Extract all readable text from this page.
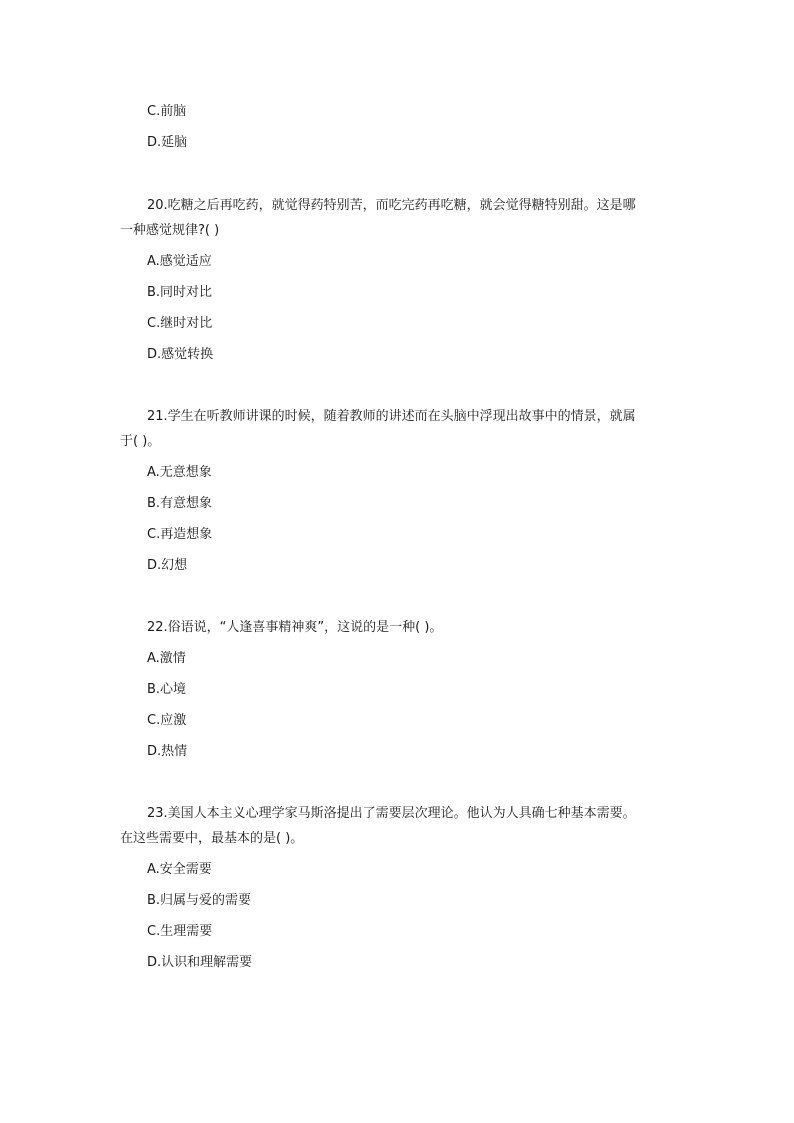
C.前脑
D.延脑
20.吃糖之后再吃药，就觉得药特别苦，而吃完药再吃糖，就会觉得糖特别甜。这是哪
一种感觉规律?( )
A.感觉适应
B.同时对比
C.继时对比
D.感觉转换
21.学生在听教师讲课的时候，随着教师的讲述而在头脑中浮现出故事中的情景，就属
于( )。
A.无意想象
B.有意想象
C.再造想象
D.幻想
22.俗语说，“人逢喜事精神爽”，这说的是一种( )。
A.激情
B.心境
C.应激
D.热情
23.美国人本主义心理学家马斯洛提出了需要层次理论。他认为人具确七种基本需要。
在这些需要中，最基本的是( )。
A.安全需要
B.归属与爱的需要
C.生理需要
D.认识和理解需要
